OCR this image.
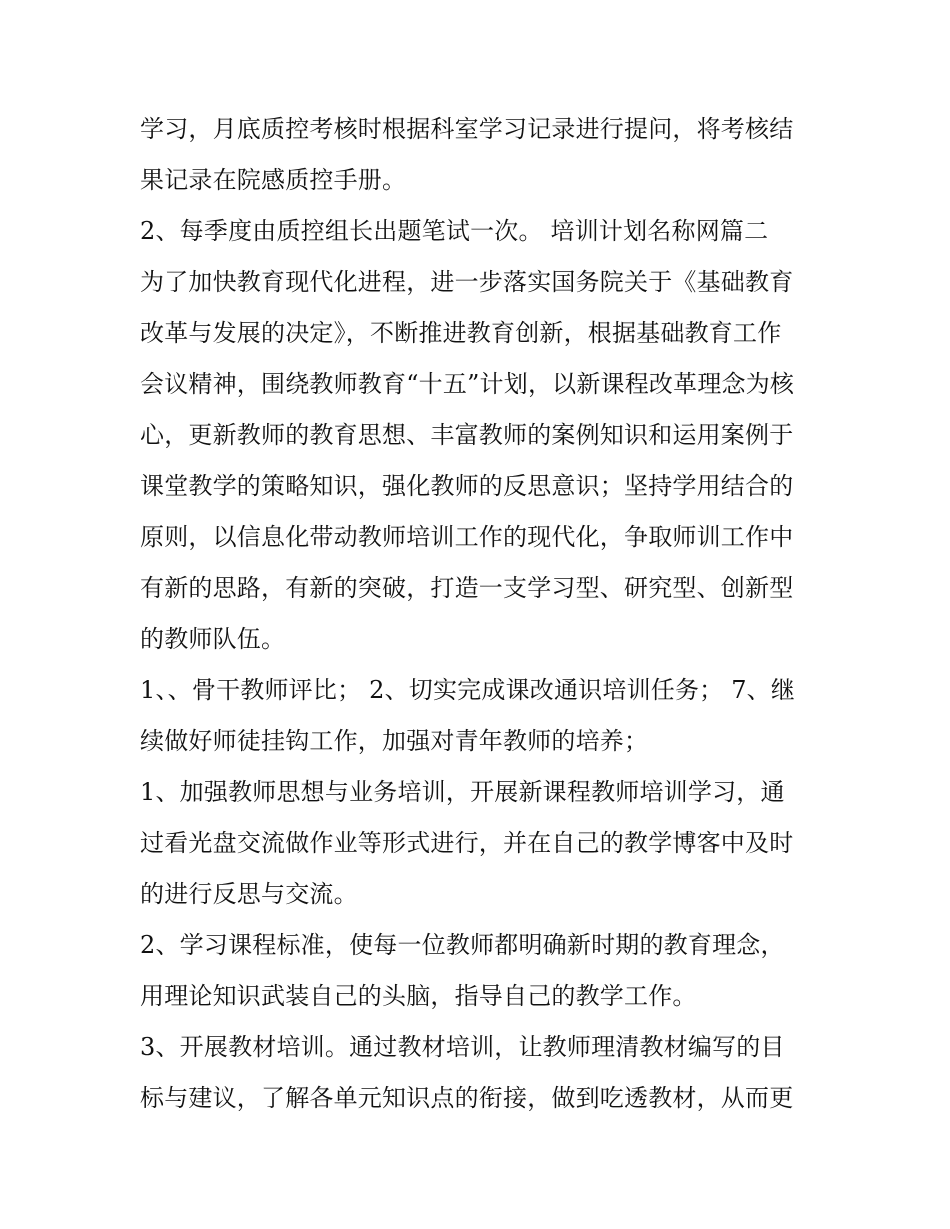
学习，月底质控考核时根据科室学习记录进行提问，将考核结
果记录在院感质控手册。
2、每季度由质控组长出题笔试一次。 培训计划名称网篇二
为了加快教育现代化进程，进一步落实国务院关于《基础教育
改革与发展的决定》，不断推进教育创新，根据基础教育工作
会议精神，围绕教师教育“十五”计划，以新课程改革理念为核
心，更新教师的教育思想、丰富教师的案例知识和运用案例于
课堂教学的策略知识，强化教师的反思意识；坚持学用结合的
原则，以信息化带动教师培训工作的现代化，争取师训工作中
有新的思路，有新的突破，打造一支学习型、研究型、创新型
的教师队伍。
1、、骨干教师评比； 2、切实完成课改通识培训任务； 7、继
续做好师徒挂钩工作，加强对青年教师的培养；
1、加强教师思想与业务培训，开展新课程教师培训学习，通
过看光盘交流做作业等形式进行，并在自己的教学博客中及时
的进行反思与交流。
2、学习课程标准，使每一位教师都明确新时期的教育理念，
用理论知识武装自己的头脑，指导自己的教学工作。
3、开展教材培训。通过教材培训，让教师理清教材编写的目
标与建议，了解各单元知识点的衔接，做到吃透教材，从而更
